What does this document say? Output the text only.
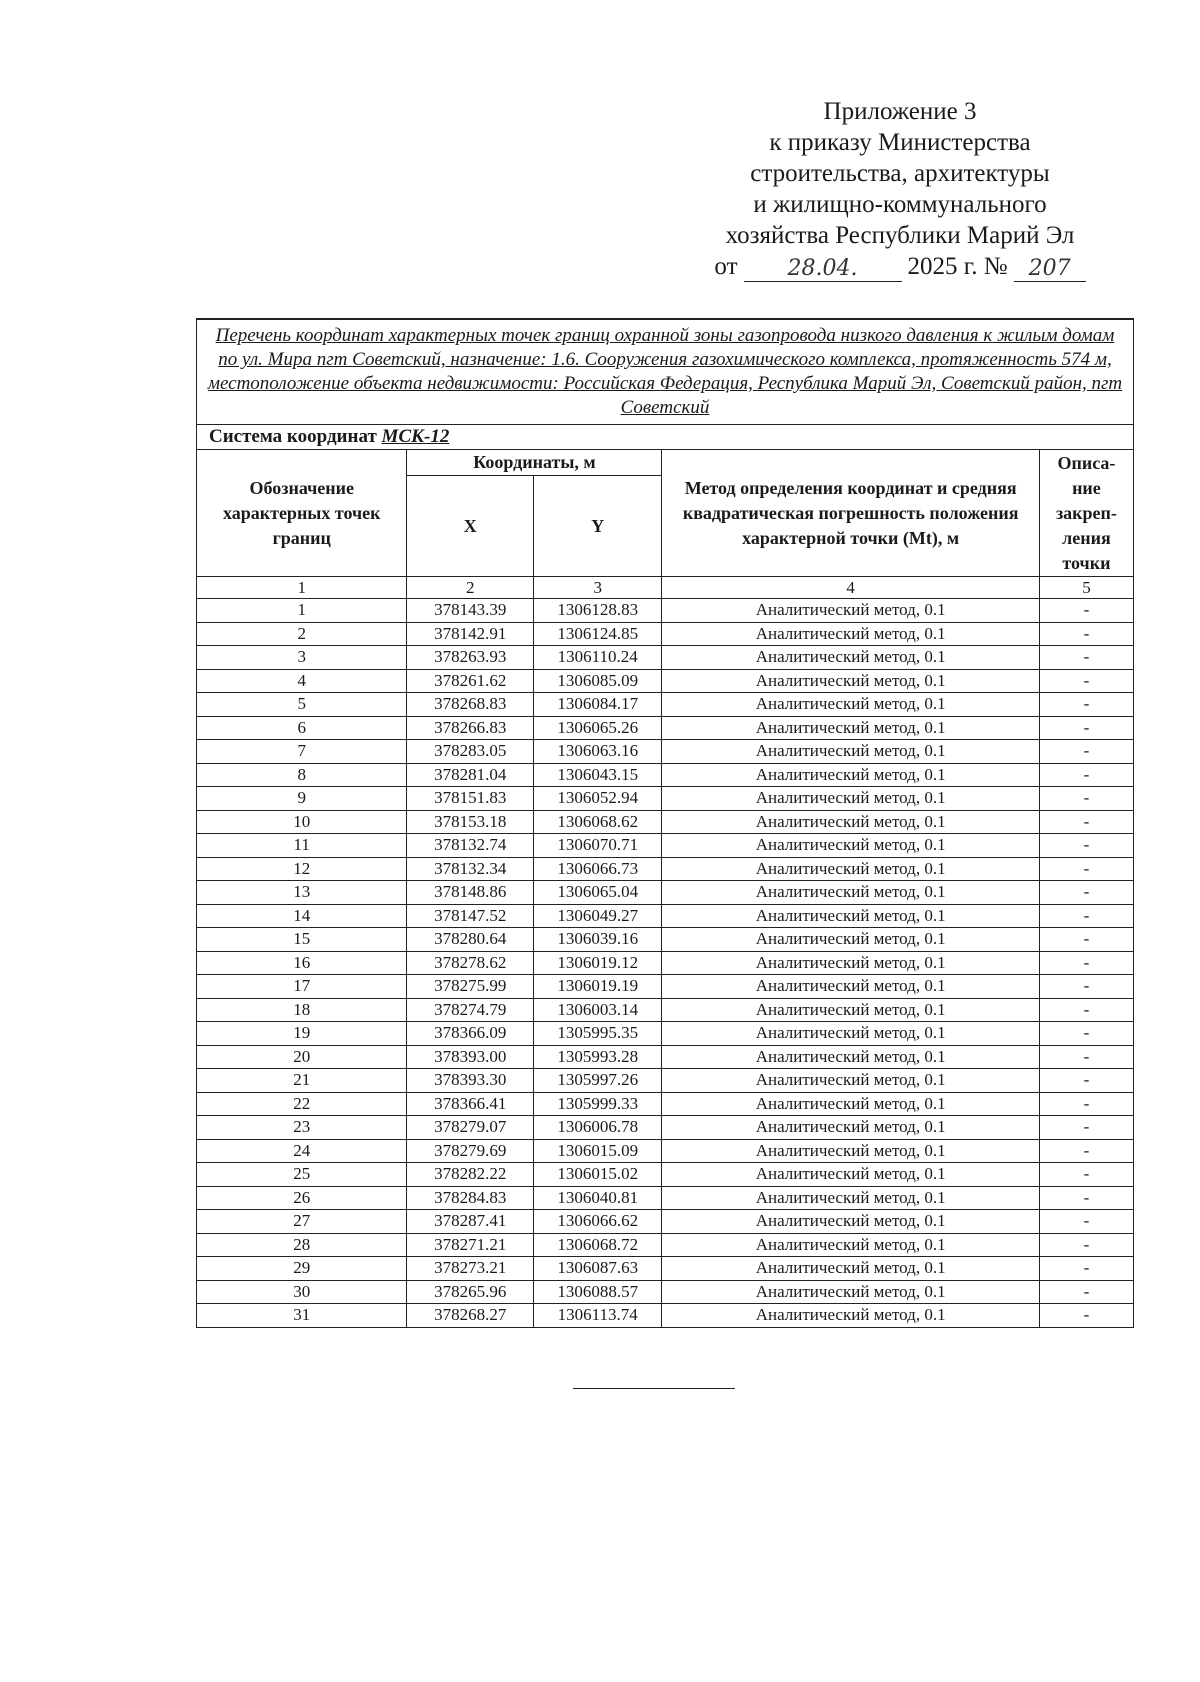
Приложение 3
к приказу Министерства
строительства, архитектуры
и жилищно-коммунального
хозяйства Республики Марий Эл
от	28.04.	2025 г. № 207
Перечень координат характерных точек границ охранной зоны газопровода низкого давления к жилым домам по ул. Мира пгт Советский, назначение: 1.6. Сооружения газохимического комплекса, протяженность 574 м, местоположение объекта недвижимости: Российская Федерация, Республика Марий Эл, Советский район, пгт Советский				
Система координат МСК-12				
Обозначение характерных точек границ	Координаты, м		Метод определения координат и средняя квадратическая погрешность положения характерной точки (Mt), м	Описа-ние закреп-ления точки
	X	Y		
1	2	3	4	5
1	378143.39	1306128.83	Аналитический метод, 0.1	-
2	378142.91	1306124.85	Аналитический метод, 0.1	-
3	378263.93	1306110.24	Аналитический метод, 0.1	-
4	378261.62	1306085.09	Аналитический метод, 0.1	-
5	378268.83	1306084.17	Аналитический метод, 0.1	-
6	378266.83	1306065.26	Аналитический метод, 0.1	-
7	378283.05	1306063.16	Аналитический метод, 0.1	-
8	378281.04	1306043.15	Аналитический метод, 0.1	-
9	378151.83	1306052.94	Аналитический метод, 0.1	-
10	378153.18	1306068.62	Аналитический метод, 0.1	-
11	378132.74	1306070.71	Аналитический метод, 0.1	-
12	378132.34	1306066.73	Аналитический метод, 0.1	-
13	378148.86	1306065.04	Аналитический метод, 0.1	-
14	378147.52	1306049.27	Аналитический метод, 0.1	-
15	378280.64	1306039.16	Аналитический метод, 0.1	-
16	378278.62	1306019.12	Аналитический метод, 0.1	-
17	378275.99	1306019.19	Аналитический метод, 0.1	-
18	378274.79	1306003.14	Аналитический метод, 0.1	-
19	378366.09	1305995.35	Аналитический метод, 0.1	-
20	378393.00	1305993.28	Аналитический метод, 0.1	-
21	378393.30	1305997.26	Аналитический метод, 0.1	-
22	378366.41	1305999.33	Аналитический метод, 0.1	-
23	378279.07	1306006.78	Аналитический метод, 0.1	-
24	378279.69	1306015.09	Аналитический метод, 0.1	-
25	378282.22	1306015.02	Аналитический метод, 0.1	-
26	378284.83	1306040.81	Аналитический метод, 0.1	-
27	378287.41	1306066.62	Аналитический метод, 0.1	-
28	378271.21	1306068.72	Аналитический метод, 0.1	-
29	378273.21	1306087.63	Аналитический метод, 0.1	-
30	378265.96	1306088.57	Аналитический метод, 0.1	-
31	378268.27	1306113.74	Аналитический метод, 0.1	-
